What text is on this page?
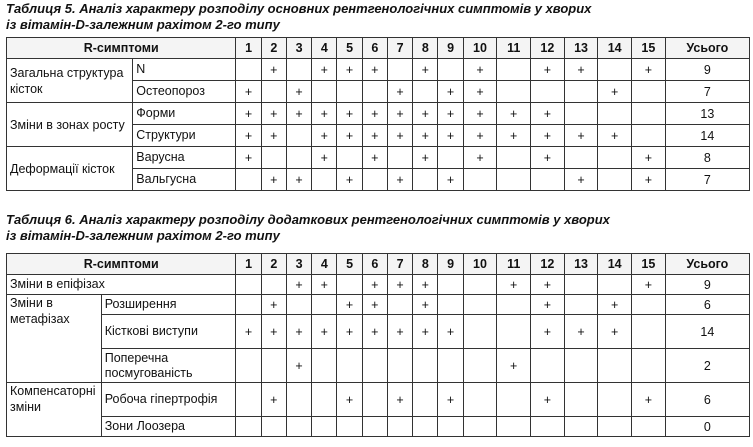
Таблиця 5. Аналіз характеру розподілу основних рентгенологічних симптомів у хворих
із вітамін-D-залежним рахітом 2-го типу
R-симптоми		1	2	3	4	5	6	7	8	9	10	11	12	13	14	15	Усього
Загальна структура кісток	N		+		+	+	+		+		+		+	+		+	9
	Остеопороз	+		+				+		+	+				+		7
Зміни в зонах росту	Форми	+	+	+	+	+	+	+	+	+	+	+	+				13
	Структури	+	+		+	+	+	+	+	+	+	+	+	+	+		14
Деформації кісток	Варусна	+			+		+		+		+		+			+	8
	Вальгусна		+	+		+		+		+				+		+	7
Таблиця 6. Аналіз характеру розподілу додаткових рентгенологічних симптомів у хворих
із вітамін-D-залежним рахітом 2-го типу
R-симптоми		1	2	3	4	5	6	7	8	9	10	11	12	13	14	15	Усього
Зміни в епіфізах				+	+		+	+	+			+	+			+	9
Зміни в метафізах	Розширення		+			+	+		+				+		+		6
	Кісткові виступи	+	+	+	+	+	+	+	+	+			+	+	+		14
	Поперечна посмугованість			+								+					2
Компенсаторні зміни	Робоча гіпертрофія		+			+		+		+			+			+	6
	Зони Лоозера																0
